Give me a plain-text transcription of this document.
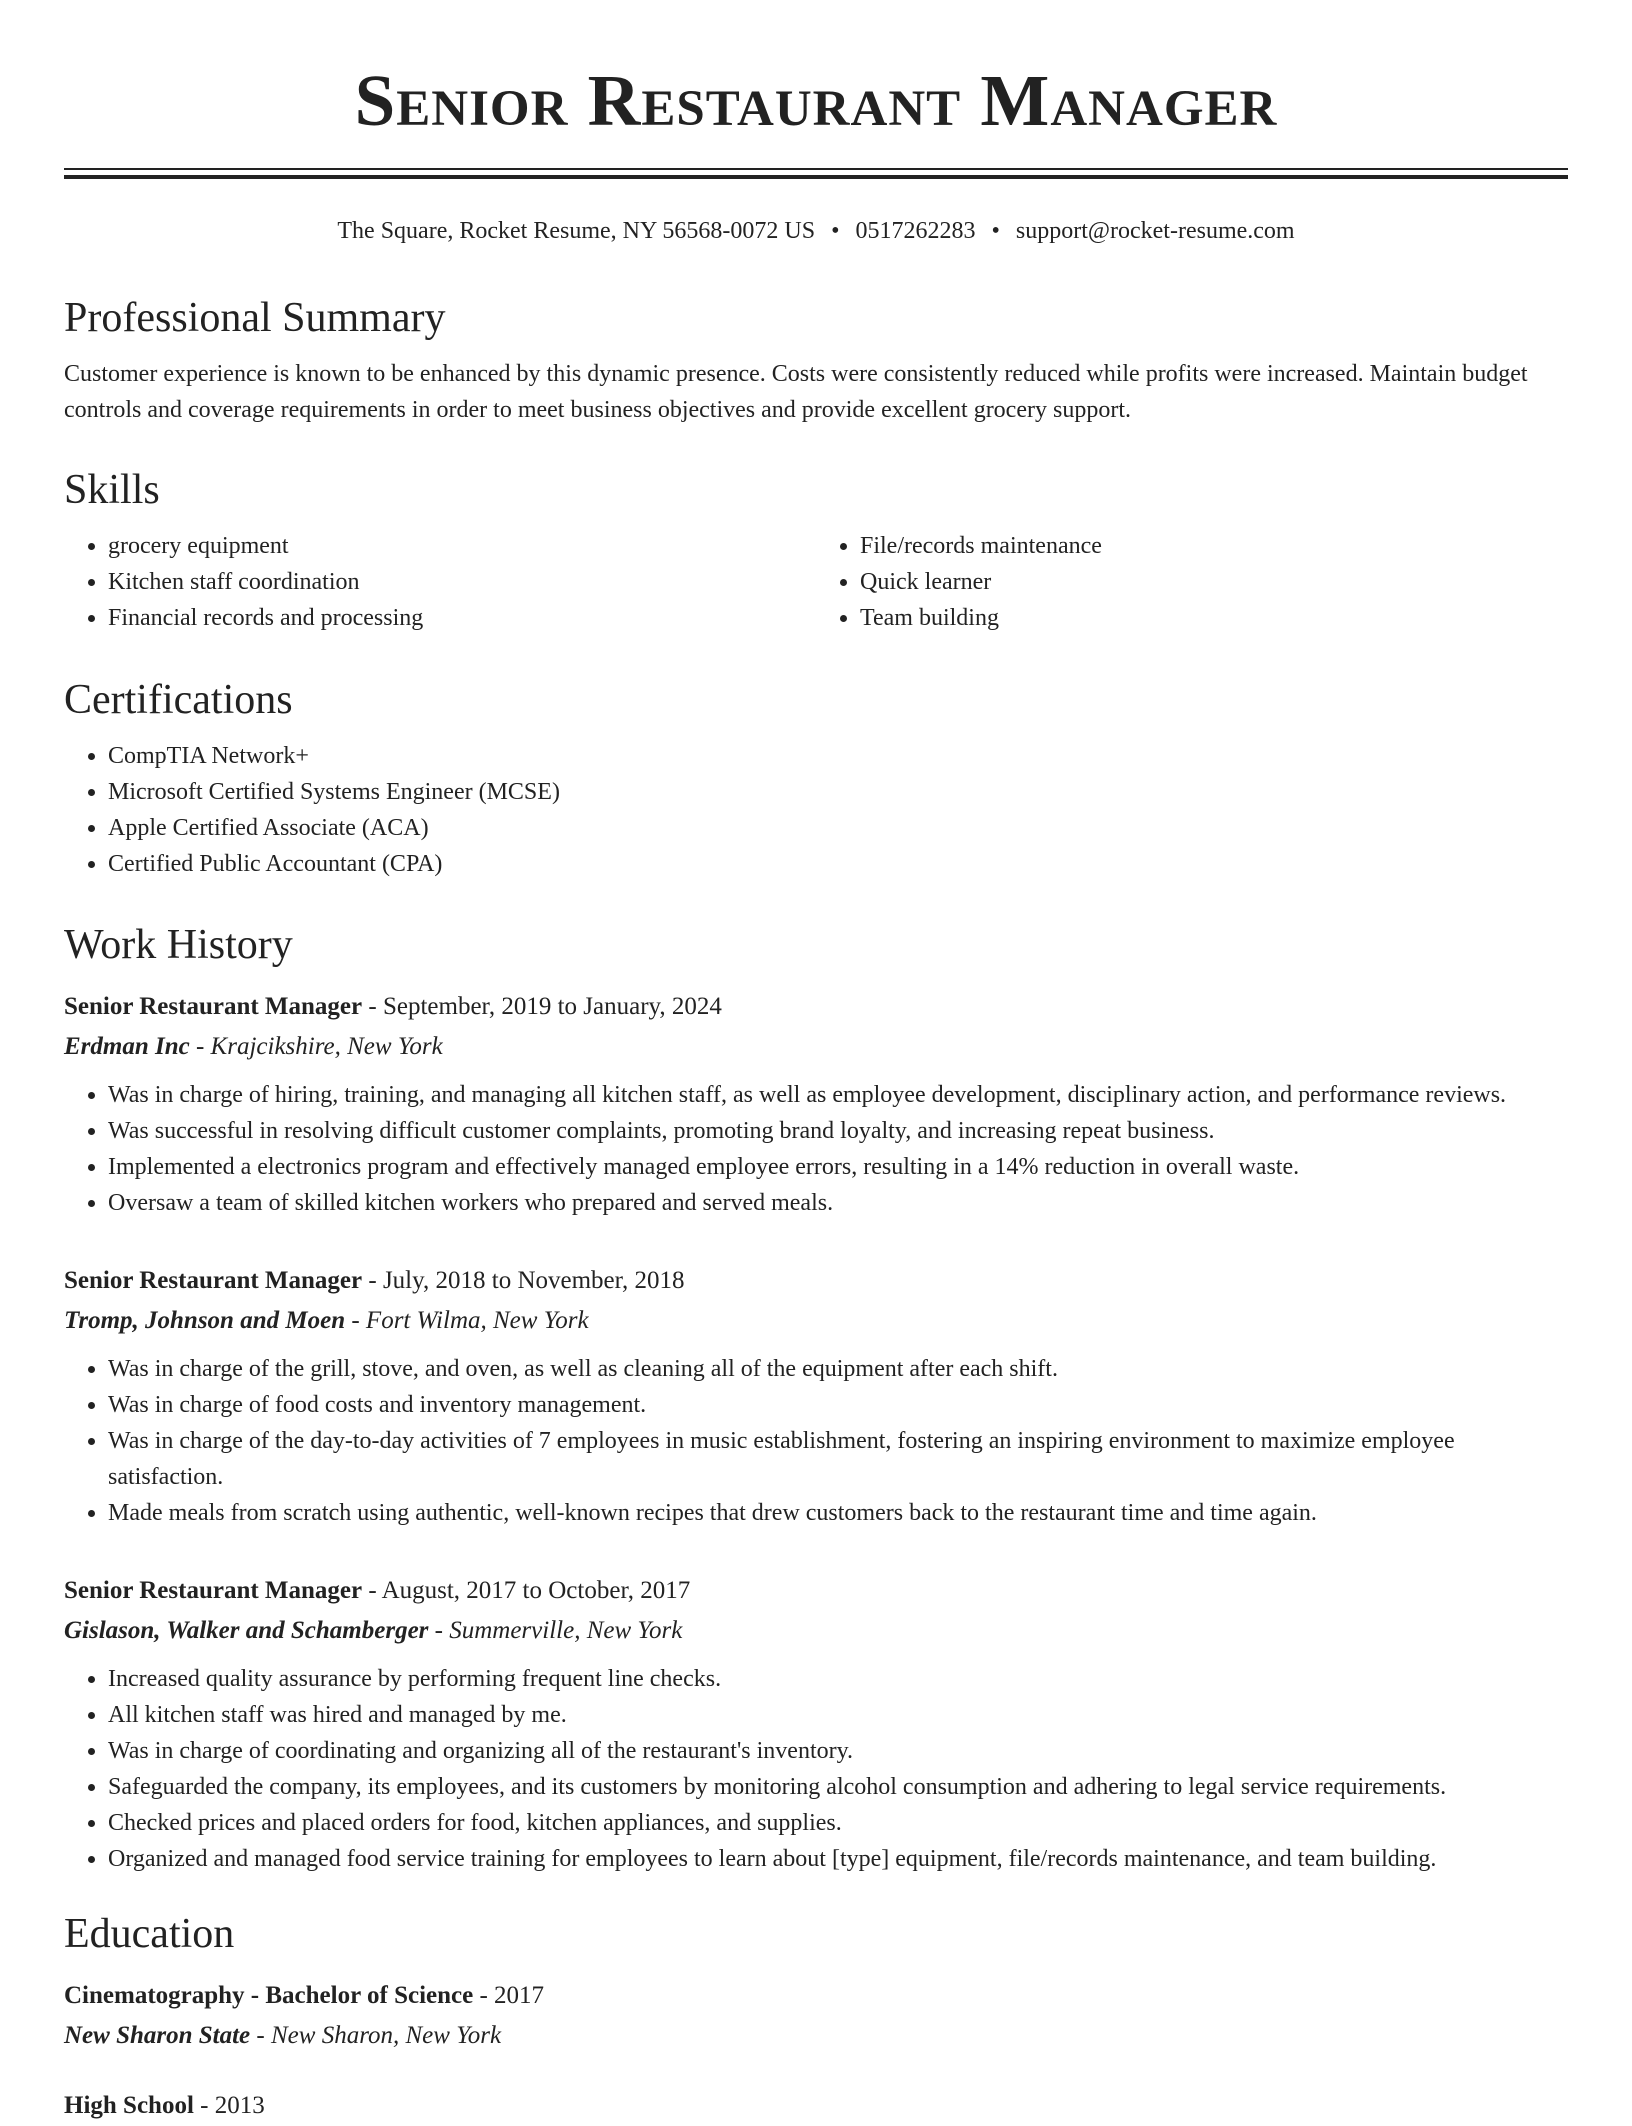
Senior Restaurant Manager
The Square, Rocket Resume, NY 56568-0072 US • 0517262283 • support@rocket-resume.com
Professional Summary

Customer experience is known to be enhanced by this dynamic presence. Costs were consistently reduced while profits were increased. Maintain budget controls and coverage requirements in order to meet business objectives and provide excellent grocery support.

Skills
• grocery equipment
• Kitchen staff coordination
• Financial records and processing
• File/records maintenance
• Quick learner
• Team building
Certifications
• CompTIA Network+
• Microsoft Certified Systems Engineer (MCSE)
• Apple Certified Associate (ACA)
• Certified Public Accountant (CPA)
Work History
Senior Restaurant Manager - September, 2019 to January, 2024
Erdman Inc - Krajcikshire, New York
• Was in charge of hiring, training, and managing all kitchen staff, as well as employee development, disciplinary action, and performance reviews.
• Was successful in resolving difficult customer complaints, promoting brand loyalty, and increasing repeat business.
• Implemented a electronics program and effectively managed employee errors, resulting in a 14% reduction in overall waste.
• Oversaw a team of skilled kitchen workers who prepared and served meals.
Senior Restaurant Manager - July, 2018 to November, 2018
Tromp, Johnson and Moen - Fort Wilma, New York
• Was in charge of the grill, stove, and oven, as well as cleaning all of the equipment after each shift.
• Was in charge of food costs and inventory management.
• Was in charge of the day-to-day activities of 7 employees in music establishment, fostering an inspiring environment to maximize employee satisfaction.
• Made meals from scratch using authentic, well-known recipes that drew customers back to the restaurant time and time again.
Senior Restaurant Manager - August, 2017 to October, 2017
Gislason, Walker and Schamberger - Summerville, New York
• Increased quality assurance by performing frequent line checks.
• All kitchen staff was hired and managed by me.
• Was in charge of coordinating and organizing all of the restaurant's inventory.
• Safeguarded the company, its employees, and its customers by monitoring alcohol consumption and adhering to legal service requirements.
• Checked prices and placed orders for food, kitchen appliances, and supplies.
• Organized and managed food service training for employees to learn about [type] equipment, file/records maintenance, and team building.
Education
Cinematography - Bachelor of Science - 2017
New Sharon State - New Sharon, New York
High School - 2013
